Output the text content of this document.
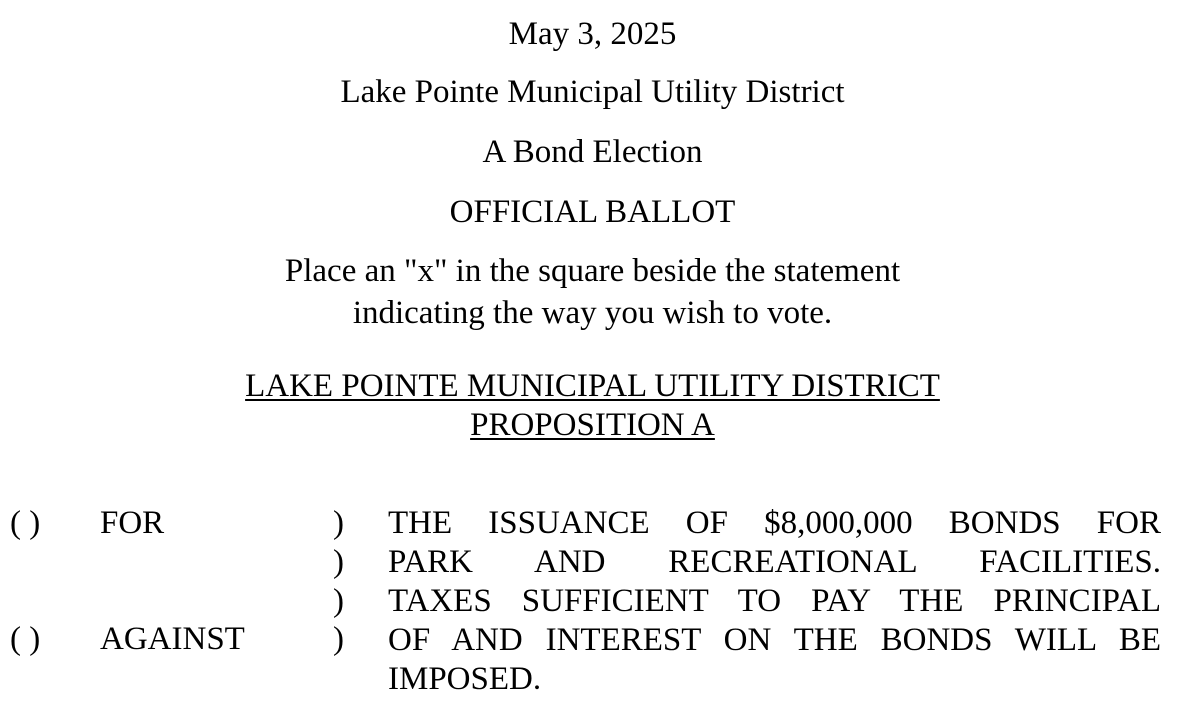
May 3, 2025
Lake Pointe Municipal Utility District
A Bond Election
OFFICIAL BALLOT
Place an "x" in the square beside the statement
indicating the way you wish to vote.
LAKE POINTE MUNICIPAL UTILITY DISTRICT
PROPOSITION A
( ) FOR
( ) AGAINST
)
)
)
)
THE ISSUANCE OF $8,000,000 BONDS FOR
PARK AND RECREATIONAL FACILITIES.
TAXES SUFFICIENT TO PAY THE PRINCIPAL
OF AND INTEREST ON THE BONDS WILL BE
IMPOSED.
